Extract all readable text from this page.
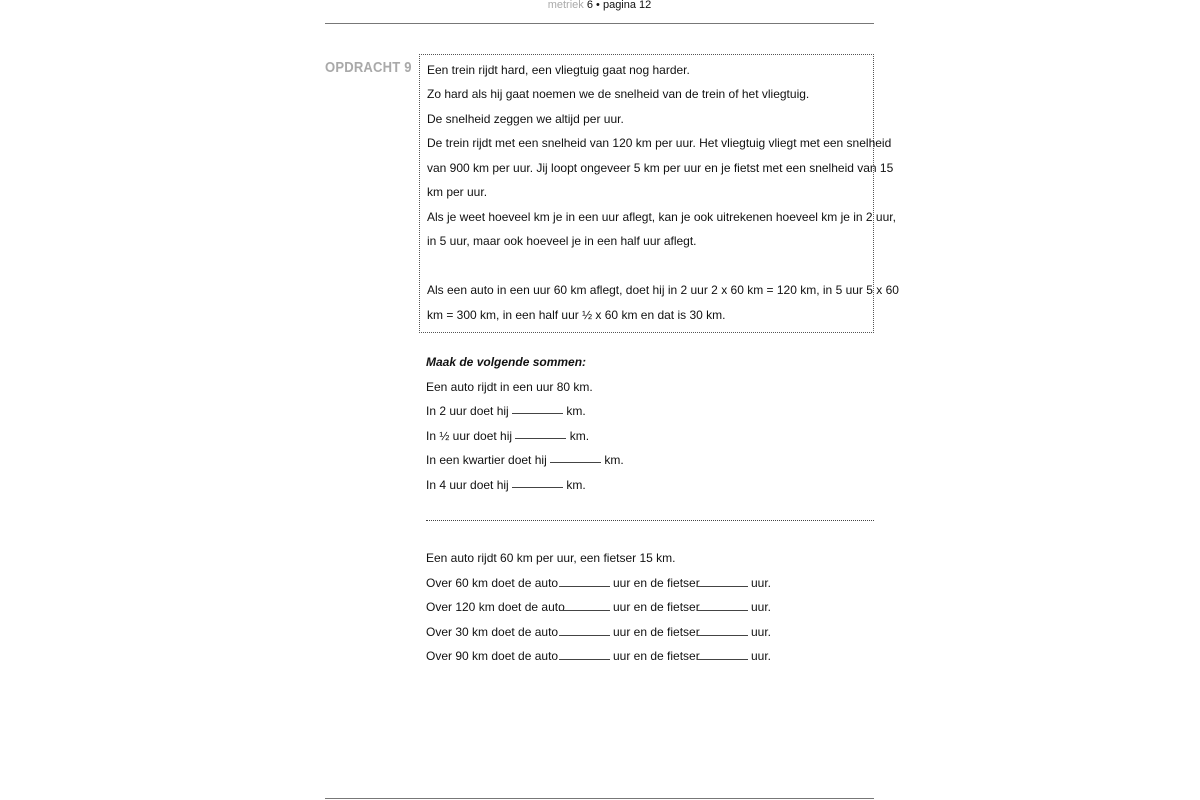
metriek 6 • pagina 12
OPDRACHT 9 Een trein rijdt hard, een vliegtuig gaat nog harder.
Zo hard als hij gaat noemen we de snelheid van de trein of het vliegtuig.
De snelheid zeggen we altijd per uur.
De trein rijdt met een snelheid van 120 km per uur. Het vliegtuig vliegt met een snelheid
van 900 km per uur. Jij loopt ongeveer 5 km per uur en je fietst met een snelheid van 15
km per uur.
Als je weet hoeveel km je in een uur aflegt, kan je ook uitrekenen hoeveel km je in 2 uur,
in 5 uur, maar ook hoeveel je in een half uur aflegt.
Als een auto in een uur 60 km aflegt, doet hij in 2 uur 2 x 60 km = 120 km, in 5 uur 5 x 60
km = 300 km, in een half uur ½ x 60 km en dat is 30 km.
Maak de volgende sommen:
Een auto rijdt in een uur 80 km.
In 2 uur doet hij	km.
In ½ uur doet hij	km.
In een kwartier doet hij	km.
In 4 uur doet hij	km.
Een auto rijdt 60 km per uur, een fietser 15 km.
Over 60 km doet de auto	uur en de fietser	uur.
Over 120 km doet de auto	uur en de fietser	uur.
Over 30 km doet de auto	uur en de fietser	uur.
Over 90 km doet de auto	uur en de fietser	uur.
